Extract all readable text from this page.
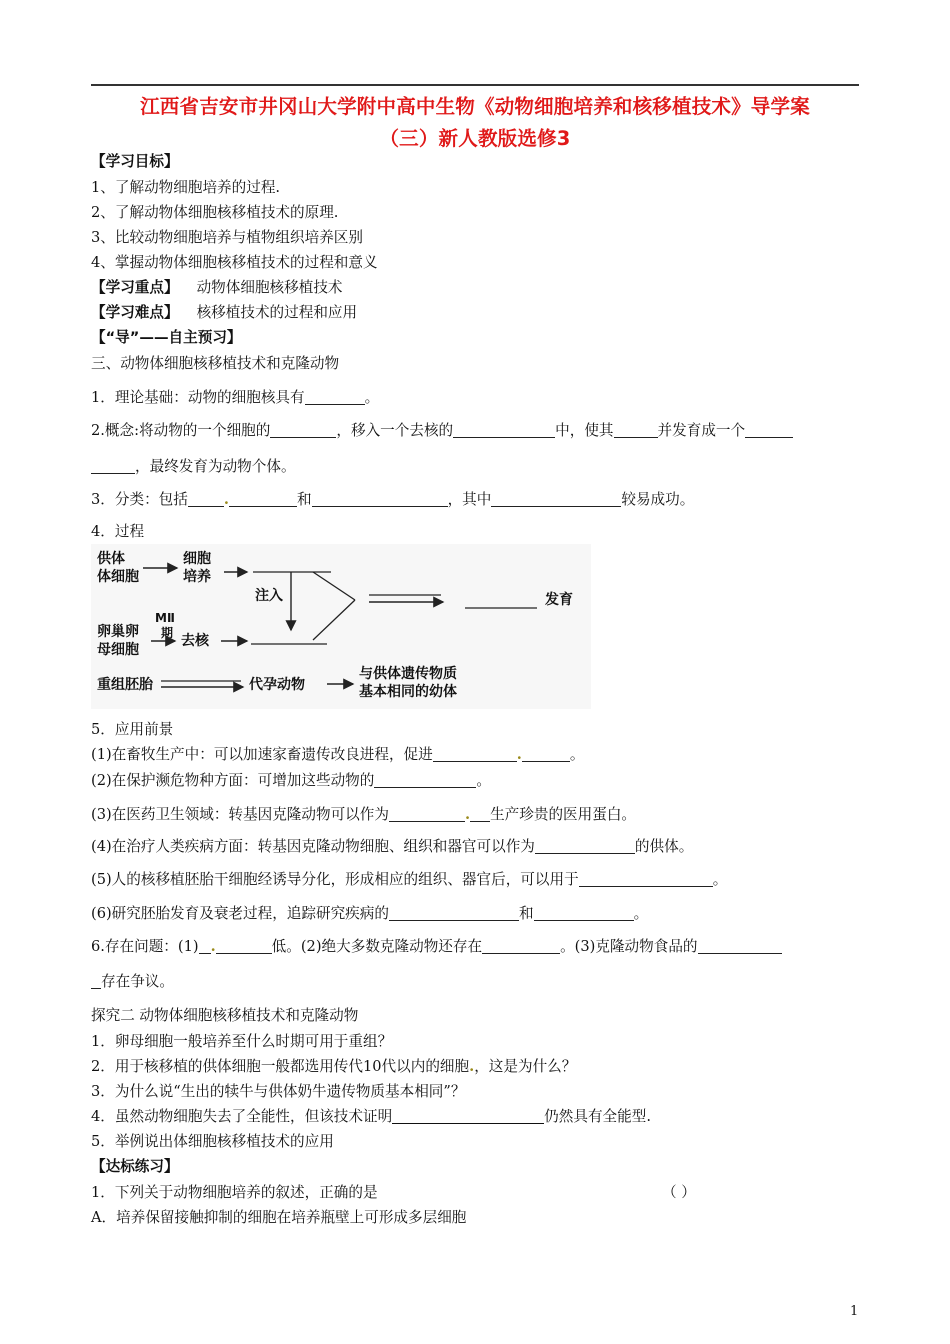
江西省吉安市井冈山大学附中高中生物《动物细胞培养和核移植技术》导学案
（三）新人教版选修3
【学习目标】
1、了解动物细胞培养的过程.
2、了解动物体细胞核移植技术的原理.
3、比较动物细胞培养与植物组织培养区别
4、掌握动物体细胞核移植技术的过程和意义
【学习重点】 动物体细胞核移植技术
【学习难点】 核移植技术的过程和应用
【“导”——自主预习】
三、动物体细胞核移植技术和克隆动物
1．理论基础：动物的细胞核具有	。
2.概念:将动物的一个细胞的	，移入一个去核的	中，使其	并发育成一个
，最终发育为动物个体。
3．分类：包括 .	和	，其中	较易成功。
4．过程
供体
体细胞
细胞
培养
注入	发育
卵巢卵
母细胞
MⅡ
期 去核
重组胚胎	代孕动物
与供体遗传物质
基本相同的幼体
5．应用前景
(1)在畜牧生产中：可以加速家畜遗传改良进程，促进	.	。
(2)在保护濒危物种方面：可增加这些动物的	。
(3)在医药卫生领域：转基因克隆动物可以作为	. 生产珍贵的医用蛋白。
(4)在治疗人类疾病方面：转基因克隆动物细胞、组织和器官可以作为	的供体。
(5)人的核移植胚胎干细胞经诱导分化，形成相应的组织、器官后，可以用于	。
(6)研究胚胎发育及衰老过程，追踪研究疾病的	和	。
6.存在问题：(1) .	低。(2)绝大多数克隆动物还存在	。(3)克隆动物食品的
存在争议。
探究二 动物体细胞核移植技术和克隆动物
1．卵母细胞一般培养至什么时期可用于重组？
2．用于核移植的供体细胞一般都选用传代10代以内的细胞.，这是为什么？
3．为什么说“生出的犊牛与供体奶牛遗传物质基本相同”？
4．虽然动物细胞失去了全能性，但该技术证明	仍然具有全能型.
5．举例说出体细胞核移植技术的应用
【达标练习】
1．下列关于动物细胞培养的叙述，正确的是	（ ）
A．培养保留接触抑制的细胞在培养瓶壁上可形成多层细胞
1
